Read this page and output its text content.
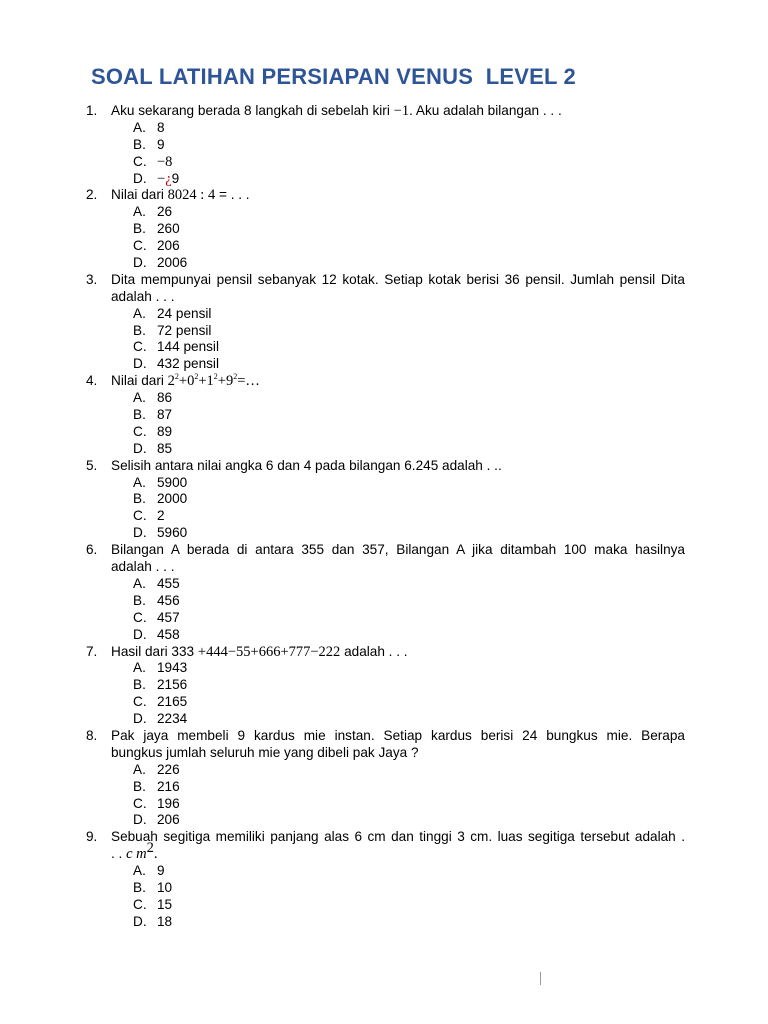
SOAL LATIHAN PERSIAPAN VENUS  LEVEL 2
1. Aku sekarang berada 8 langkah di sebelah kiri −1. Aku adalah bilangan . . .
A. 8
B. 9
C. −8
D. −¿9
2. Nilai dari 8024 : 4 = . . .
A. 26
B. 260
C. 206
D. 2006
3. Dita mempunyai pensil sebanyak 12 kotak. Setiap kotak berisi 36 pensil. Jumlah pensil Dita
adalah . . .
A. 24 pensil
B. 72 pensil
C. 144 pensil
D. 432 pensil
4. Nilai dari $2^2+0^2+1^2+9^2=\dots$
A. 86
B. 87
C. 89
D. 85
5. Selisih antara nilai angka 6 dan 4 pada bilangan 6.245 adalah . ..
A. 5900
B. 2000
C. 2
D. 5960
6. Bilangan A berada di antara 355 dan 357, Bilangan A jika ditambah 100 maka hasilnya
adalah . . .
A. 455
B. 456
C. 457
D. 458
7. Hasil dari 333 +444−55+666+777−222 adalah . . .
A. 1943
B. 2156
C. 2165
D. 2234
8. Pak jaya membeli 9 kardus mie instan. Setiap kardus berisi 24 bungkus mie. Berapa
bungkus jumlah seluruh mie yang dibeli pak Jaya ?
A. 226
B. 216
C. 196
D. 206
9. Sebuah segitiga memiliki panjang alas 6 cm dan tinggi 3 cm. luas segitiga tersebut adalah .
. . c $m^2$.
A. 9
B. 10
C. 15
D. 18
